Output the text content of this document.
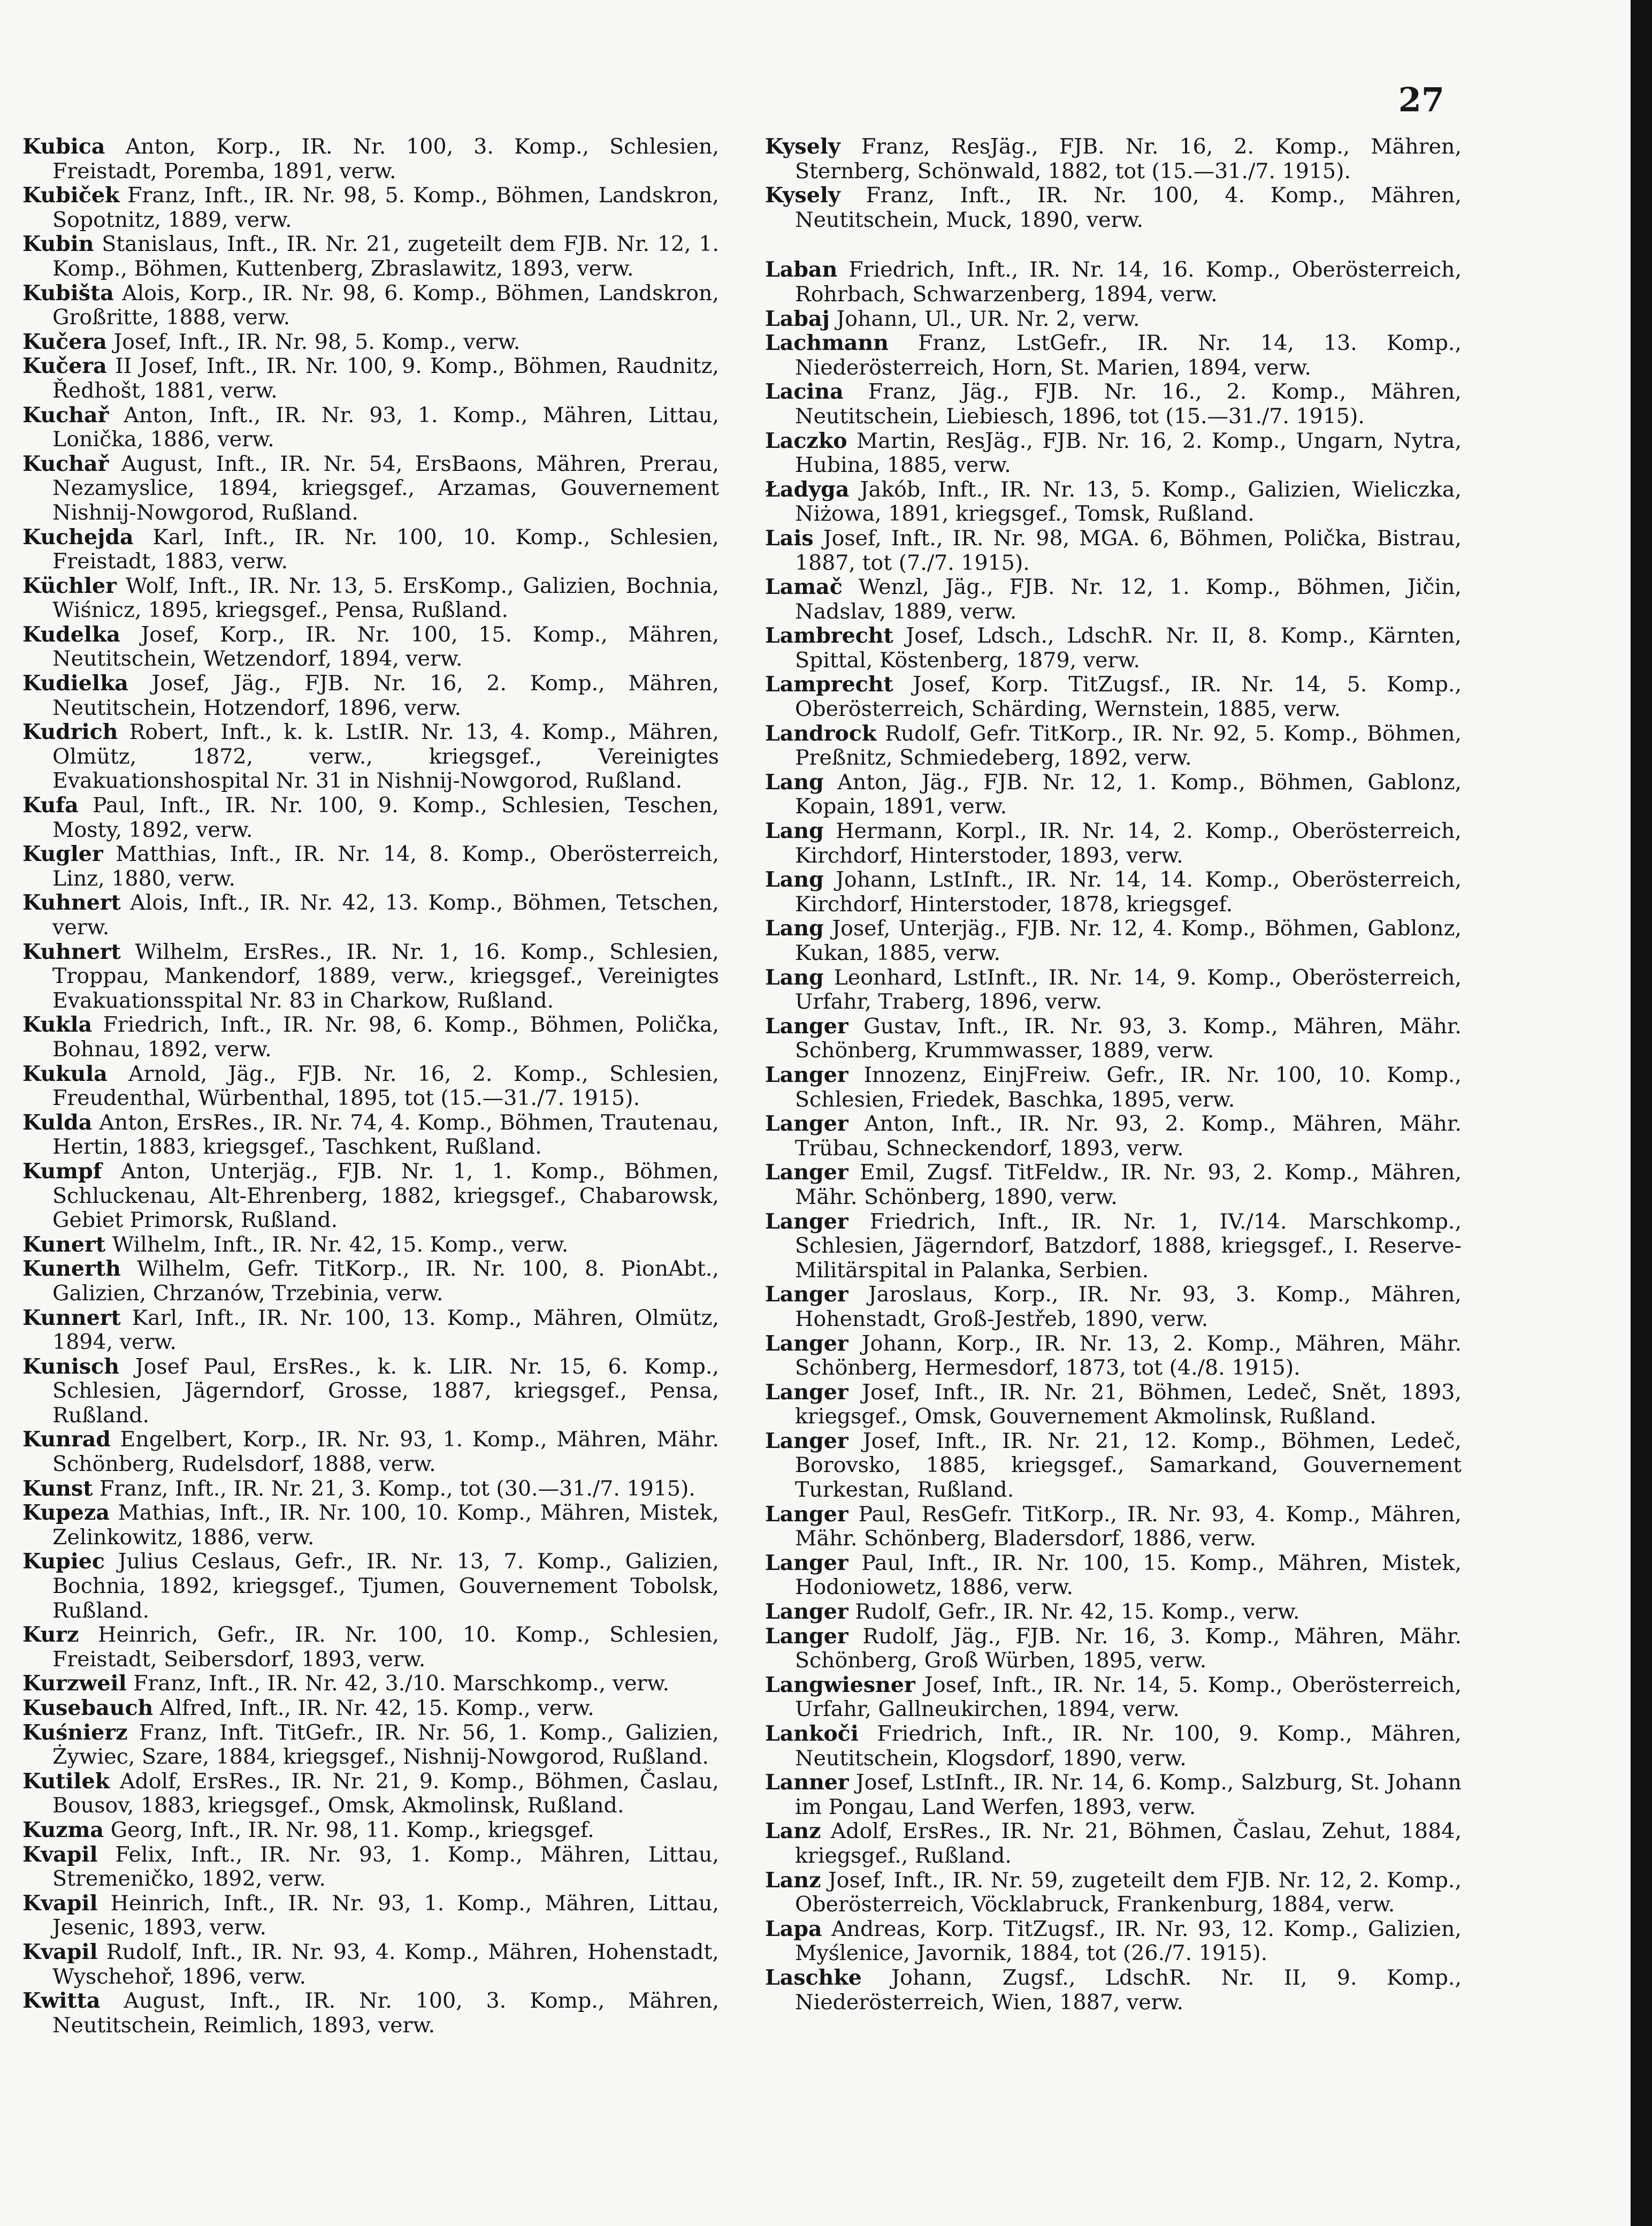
27
Kubica Anton, Korp., IR. Nr. 100, 3. Komp., Schlesien, Freistadt, Poremba, 1891, verw.
Kubiček Franz, Inft., IR. Nr. 98, 5. Komp., Böhmen, Landskron, Sopotnitz, 1889, verw.
Kubin Stanislaus, Inft., IR. Nr. 21, zugeteilt dem FJB. Nr. 12, 1. Komp., Böhmen, Kuttenberg, Zbraslawitz, 1893, verw.
Kubišta Alois, Korp., IR. Nr. 98, 6. Komp., Böhmen, Landskron, Großritte, 1888, verw.
Kučera Josef, Inft., IR. Nr. 98, 5. Komp., verw.
Kučera II Josef, Inft., IR. Nr. 100, 9. Komp., Böhmen, Raudnitz, Ředhošt, 1881, verw.
Kuchař Anton, Inft., IR. Nr. 93, 1. Komp., Mähren, Littau, Lonička, 1886, verw.
Kuchař August, Inft., IR. Nr. 54, ErsBaons, Mähren, Prerau, Nezamyslice, 1894, kriegsgef., Arzamas, Gouvernement Nishnij-Nowgorod, Rußland.
Kuchejda Karl, Inft., IR. Nr. 100, 10. Komp., Schlesien, Freistadt, 1883, verw.
Küchler Wolf, Inft., IR. Nr. 13, 5. ErsKomp., Galizien, Bochnia, Wiśnicz, 1895, kriegsgef., Pensa, Rußland.
Kudelka Josef, Korp., IR. Nr. 100, 15. Komp., Mähren, Neutitschein, Wetzendorf, 1894, verw.
Kudielka Josef, Jäg., FJB. Nr. 16, 2. Komp., Mähren, Neutitschein, Hotzendorf, 1896, verw.
Kudrich Robert, Inft., k. k. LstIR. Nr. 13, 4. Komp., Mähren, Olmütz, 1872, verw., kriegsgef., Vereinigtes Evakuationshospital Nr. 31 in Nishnij-Nowgorod, Rußland.
Kufa Paul, Inft., IR. Nr. 100, 9. Komp., Schlesien, Teschen, Mosty, 1892, verw.
Kugler Matthias, Inft., IR. Nr. 14, 8. Komp., Oberösterreich, Linz, 1880, verw.
Kuhnert Alois, Inft., IR. Nr. 42, 13. Komp., Böhmen, Tetschen, verw.
Kuhnert Wilhelm, ErsRes., IR. Nr. 1, 16. Komp., Schlesien, Troppau, Mankendorf, 1889, verw., kriegsgef., Vereinigtes Evakuationsspital Nr. 83 in Charkow, Rußland.
Kukla Friedrich, Inft., IR. Nr. 98, 6. Komp., Böhmen, Polička, Bohnau, 1892, verw.
Kukula Arnold, Jäg., FJB. Nr. 16, 2. Komp., Schlesien, Freudenthal, Würbenthal, 1895, tot (15.—31./7. 1915).
Kulda Anton, ErsRes., IR. Nr. 74, 4. Komp., Böhmen, Trautenau, Hertin, 1883, kriegsgef., Taschkent, Rußland.
Kumpf Anton, Unterjäg., FJB. Nr. 1, 1. Komp., Böhmen, Schluckenau, Alt-Ehrenberg, 1882, kriegsgef., Chabarowsk, Gebiet Primorsk, Rußland.
Kunert Wilhelm, Inft., IR. Nr. 42, 15. Komp., verw.
Kunerth Wilhelm, Gefr. TitKorp., IR. Nr. 100, 8. PionAbt., Galizien, Chrzanów, Trzebinia, verw.
Kunnert Karl, Inft., IR. Nr. 100, 13. Komp., Mähren, Olmütz, 1894, verw.
Kunisch Josef Paul, ErsRes., k. k. LIR. Nr. 15, 6. Komp., Schlesien, Jägerndorf, Grosse, 1887, kriegsgef., Pensa, Rußland.
Kunrad Engelbert, Korp., IR. Nr. 93, 1. Komp., Mähren, Mähr. Schönberg, Rudelsdorf, 1888, verw.
Kunst Franz, Inft., IR. Nr. 21, 3. Komp., tot (30.—31./7. 1915).
Kupeza Mathias, Inft., IR. Nr. 100, 10. Komp., Mähren, Mistek, Zelinkowitz, 1886, verw.
Kupiec Julius Ceslaus, Gefr., IR. Nr. 13, 7. Komp., Galizien, Bochnia, 1892, kriegsgef., Tjumen, Gouvernement Tobolsk, Rußland.
Kurz Heinrich, Gefr., IR. Nr. 100, 10. Komp., Schlesien, Freistadt, Seibersdorf, 1893, verw.
Kurzweil Franz, Inft., IR. Nr. 42, 3./10. Marschkomp., verw.
Kusebauch Alfred, Inft., IR. Nr. 42, 15. Komp., verw.
Kuśnierz Franz, Inft. TitGefr., IR. Nr. 56, 1. Komp., Galizien, Żywiec, Szare, 1884, kriegsgef., Nishnij-Nowgorod, Rußland.
Kutilek Adolf, ErsRes., IR. Nr. 21, 9. Komp., Böhmen, Časlau, Bousov, 1883, kriegsgef., Omsk, Akmolinsk, Rußland.
Kuzma Georg, Inft., IR. Nr. 98, 11. Komp., kriegsgef.
Kvapil Felix, Inft., IR. Nr. 93, 1. Komp., Mähren, Littau, Stremeničko, 1892, verw.
Kvapil Heinrich, Inft., IR. Nr. 93, 1. Komp., Mähren, Littau, Jesenic, 1893, verw.
Kvapil Rudolf, Inft., IR. Nr. 93, 4. Komp., Mähren, Hohenstadt, Wyschehoř, 1896, verw.
Kwitta August, Inft., IR. Nr. 100, 3. Komp., Mähren, Neutitschein, Reimlich, 1893, verw.
Kysely Franz, ResJäg., FJB. Nr. 16, 2. Komp., Mähren, Sternberg, Schönwald, 1882, tot (15.—31./7. 1915).
Kysely Franz, Inft., IR. Nr. 100, 4. Komp., Mähren, Neutitschein, Muck, 1890, verw.
Laban Friedrich, Inft., IR. Nr. 14, 16. Komp., Oberösterreich, Rohrbach, Schwarzenberg, 1894, verw.
Labaj Johann, Ul., UR. Nr. 2, verw.
Lachmann Franz, LstGefr., IR. Nr. 14, 13. Komp., Niederösterreich, Horn, St. Marien, 1894, verw.
Lacina Franz, Jäg., FJB. Nr. 16., 2. Komp., Mähren, Neutitschein, Liebiesch, 1896, tot (15.—31./7. 1915).
Laczko Martin, ResJäg., FJB. Nr. 16, 2. Komp., Ungarn, Nytra, Hubina, 1885, verw.
Ładyga Jakób, Inft., IR. Nr. 13, 5. Komp., Galizien, Wieliczka, Niżowa, 1891, kriegsgef., Tomsk, Rußland.
Lais Josef, Inft., IR. Nr. 98, MGA. 6, Böhmen, Polička, Bistrau, 1887, tot (7./7. 1915).
Lamač Wenzl, Jäg., FJB. Nr. 12, 1. Komp., Böhmen, Jičin, Nadslav, 1889, verw.
Lambrecht Josef, Ldsch., LdschR. Nr. II, 8. Komp., Kärnten, Spittal, Köstenberg, 1879, verw.
Lamprecht Josef, Korp. TitZugsf., IR. Nr. 14, 5. Komp., Oberösterreich, Schärding, Wernstein, 1885, verw.
Landrock Rudolf, Gefr. TitKorp., IR. Nr. 92, 5. Komp., Böhmen, Preßnitz, Schmiedeberg, 1892, verw.
Lang Anton, Jäg., FJB. Nr. 12, 1. Komp., Böhmen, Gablonz, Kopain, 1891, verw.
Lang Hermann, Korpl., IR. Nr. 14, 2. Komp., Oberösterreich, Kirchdorf, Hinterstoder, 1893, verw.
Lang Johann, LstInft., IR. Nr. 14, 14. Komp., Oberösterreich, Kirchdorf, Hinterstoder, 1878, kriegsgef.
Lang Josef, Unterjäg., FJB. Nr. 12, 4. Komp., Böhmen, Gablonz, Kukan, 1885, verw.
Lang Leonhard, LstInft., IR. Nr. 14, 9. Komp., Oberösterreich, Urfahr, Traberg, 1896, verw.
Langer Gustav, Inft., IR. Nr. 93, 3. Komp., Mähren, Mähr. Schönberg, Krummwasser, 1889, verw.
Langer Innozenz, EinjFreiw. Gefr., IR. Nr. 100, 10. Komp., Schlesien, Friedek, Baschka, 1895, verw.
Langer Anton, Inft., IR. Nr. 93, 2. Komp., Mähren, Mähr. Trübau, Schneckendorf, 1893, verw.
Langer Emil, Zugsf. TitFeldw., IR. Nr. 93, 2. Komp., Mähren, Mähr. Schönberg, 1890, verw.
Langer Friedrich, Inft., IR. Nr. 1, IV./14. Marschkomp., Schlesien, Jägerndorf, Batzdorf, 1888, kriegsgef., I. Reserve-Militärspital in Palanka, Serbien.
Langer Jaroslaus, Korp., IR. Nr. 93, 3. Komp., Mähren, Hohenstadt, Groß-Jestřeb, 1890, verw.
Langer Johann, Korp., IR. Nr. 13, 2. Komp., Mähren, Mähr. Schönberg, Hermesdorf, 1873, tot (4./8. 1915).
Langer Josef, Inft., IR. Nr. 21, Böhmen, Ledeč, Snět, 1893, kriegsgef., Omsk, Gouvernement Akmolinsk, Rußland.
Langer Josef, Inft., IR. Nr. 21, 12. Komp., Böhmen, Ledeč, Borovsko, 1885, kriegsgef., Samarkand, Gouvernement Turkestan, Rußland.
Langer Paul, ResGefr. TitKorp., IR. Nr. 93, 4. Komp., Mähren, Mähr. Schönberg, Bladersdorf, 1886, verw.
Langer Paul, Inft., IR. Nr. 100, 15. Komp., Mähren, Mistek, Hodoniowetz, 1886, verw.
Langer Rudolf, Gefr., IR. Nr. 42, 15. Komp., verw.
Langer Rudolf, Jäg., FJB. Nr. 16, 3. Komp., Mähren, Mähr. Schönberg, Groß Würben, 1895, verw.
Langwiesner Josef, Inft., IR. Nr. 14, 5. Komp., Oberösterreich, Urfahr, Gallneukirchen, 1894, verw.
Lankoči Friedrich, Inft., IR. Nr. 100, 9. Komp., Mähren, Neutitschein, Klogsdorf, 1890, verw.
Lanner Josef, LstInft., IR. Nr. 14, 6. Komp., Salzburg, St. Johann im Pongau, Land Werfen, 1893, verw.
Lanz Adolf, ErsRes., IR. Nr. 21, Böhmen, Časlau, Zehut, 1884, kriegsgef., Rußland.
Lanz Josef, Inft., IR. Nr. 59, zugeteilt dem FJB. Nr. 12, 2. Komp., Oberösterreich, Vöcklabruck, Frankenburg, 1884, verw.
Lapa Andreas, Korp. TitZugsf., IR. Nr. 93, 12. Komp., Galizien, Myślenice, Javornik, 1884, tot (26./7. 1915).
Laschke Johann, Zugsf., LdschR. Nr. II, 9. Komp., Niederösterreich, Wien, 1887, verw.
